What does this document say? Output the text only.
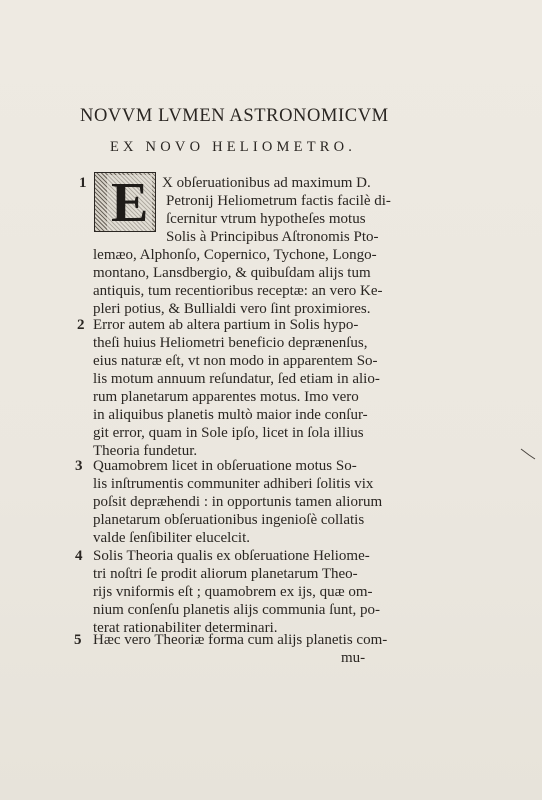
NOVVM LVMEN ASTRONOMICVM
EX NOVO HELIOMETRO.
E
1	X obſeruationibus ad maximum D.
Petronij Heliometrum factis facilè di-
ſcernitur vtrum hypotheſes motus
Solis à Principibus Aſtronomis Pto-
lemæo, Alphonſo, Copernico, Tychone, Longo-
montano, Lansdbergio, & quibuſdam alijs tum
antiquis, tum recentioribus receptæ: an vero Ke-
pleri potius, & Bullialdi vero ſint proximiores.
2 Error autem ab altera partium in Solis hypo-
theſi huius Heliometri beneficio deprænenſus,
eius naturæ eſt, vt non modo in apparentem So-
lis motum annuum reſundatur, ſed etiam in alio-
rum planetarum apparentes motus. Imo vero
in aliquibus planetis multò maior inde conſur-
git error, quam in Sole ipſo, licet in ſola illius
Theoria fundetur.
3 Quamobrem licet in obſeruatione motus So-
lis inſtrumentis communiter adhiberi ſolitis vix
poſsit depræhendi : in opportunis tamen aliorum
planetarum obſeruationibus ingenioſè collatis
valde ſenſibiliter elucelcit.
4 Solis Theoria qualis ex obſeruatione Heliome-
tri noſtri ſe prodit aliorum planetarum Theo-
rijs vniformis eſt ; quamobrem ex ijs, quæ om-
nium conſenſu planetis alijs communia ſunt, po-
terat rationabiliter determinari.
5 Hæc vero Theoriæ forma cum alijs planetis com-
mu-
